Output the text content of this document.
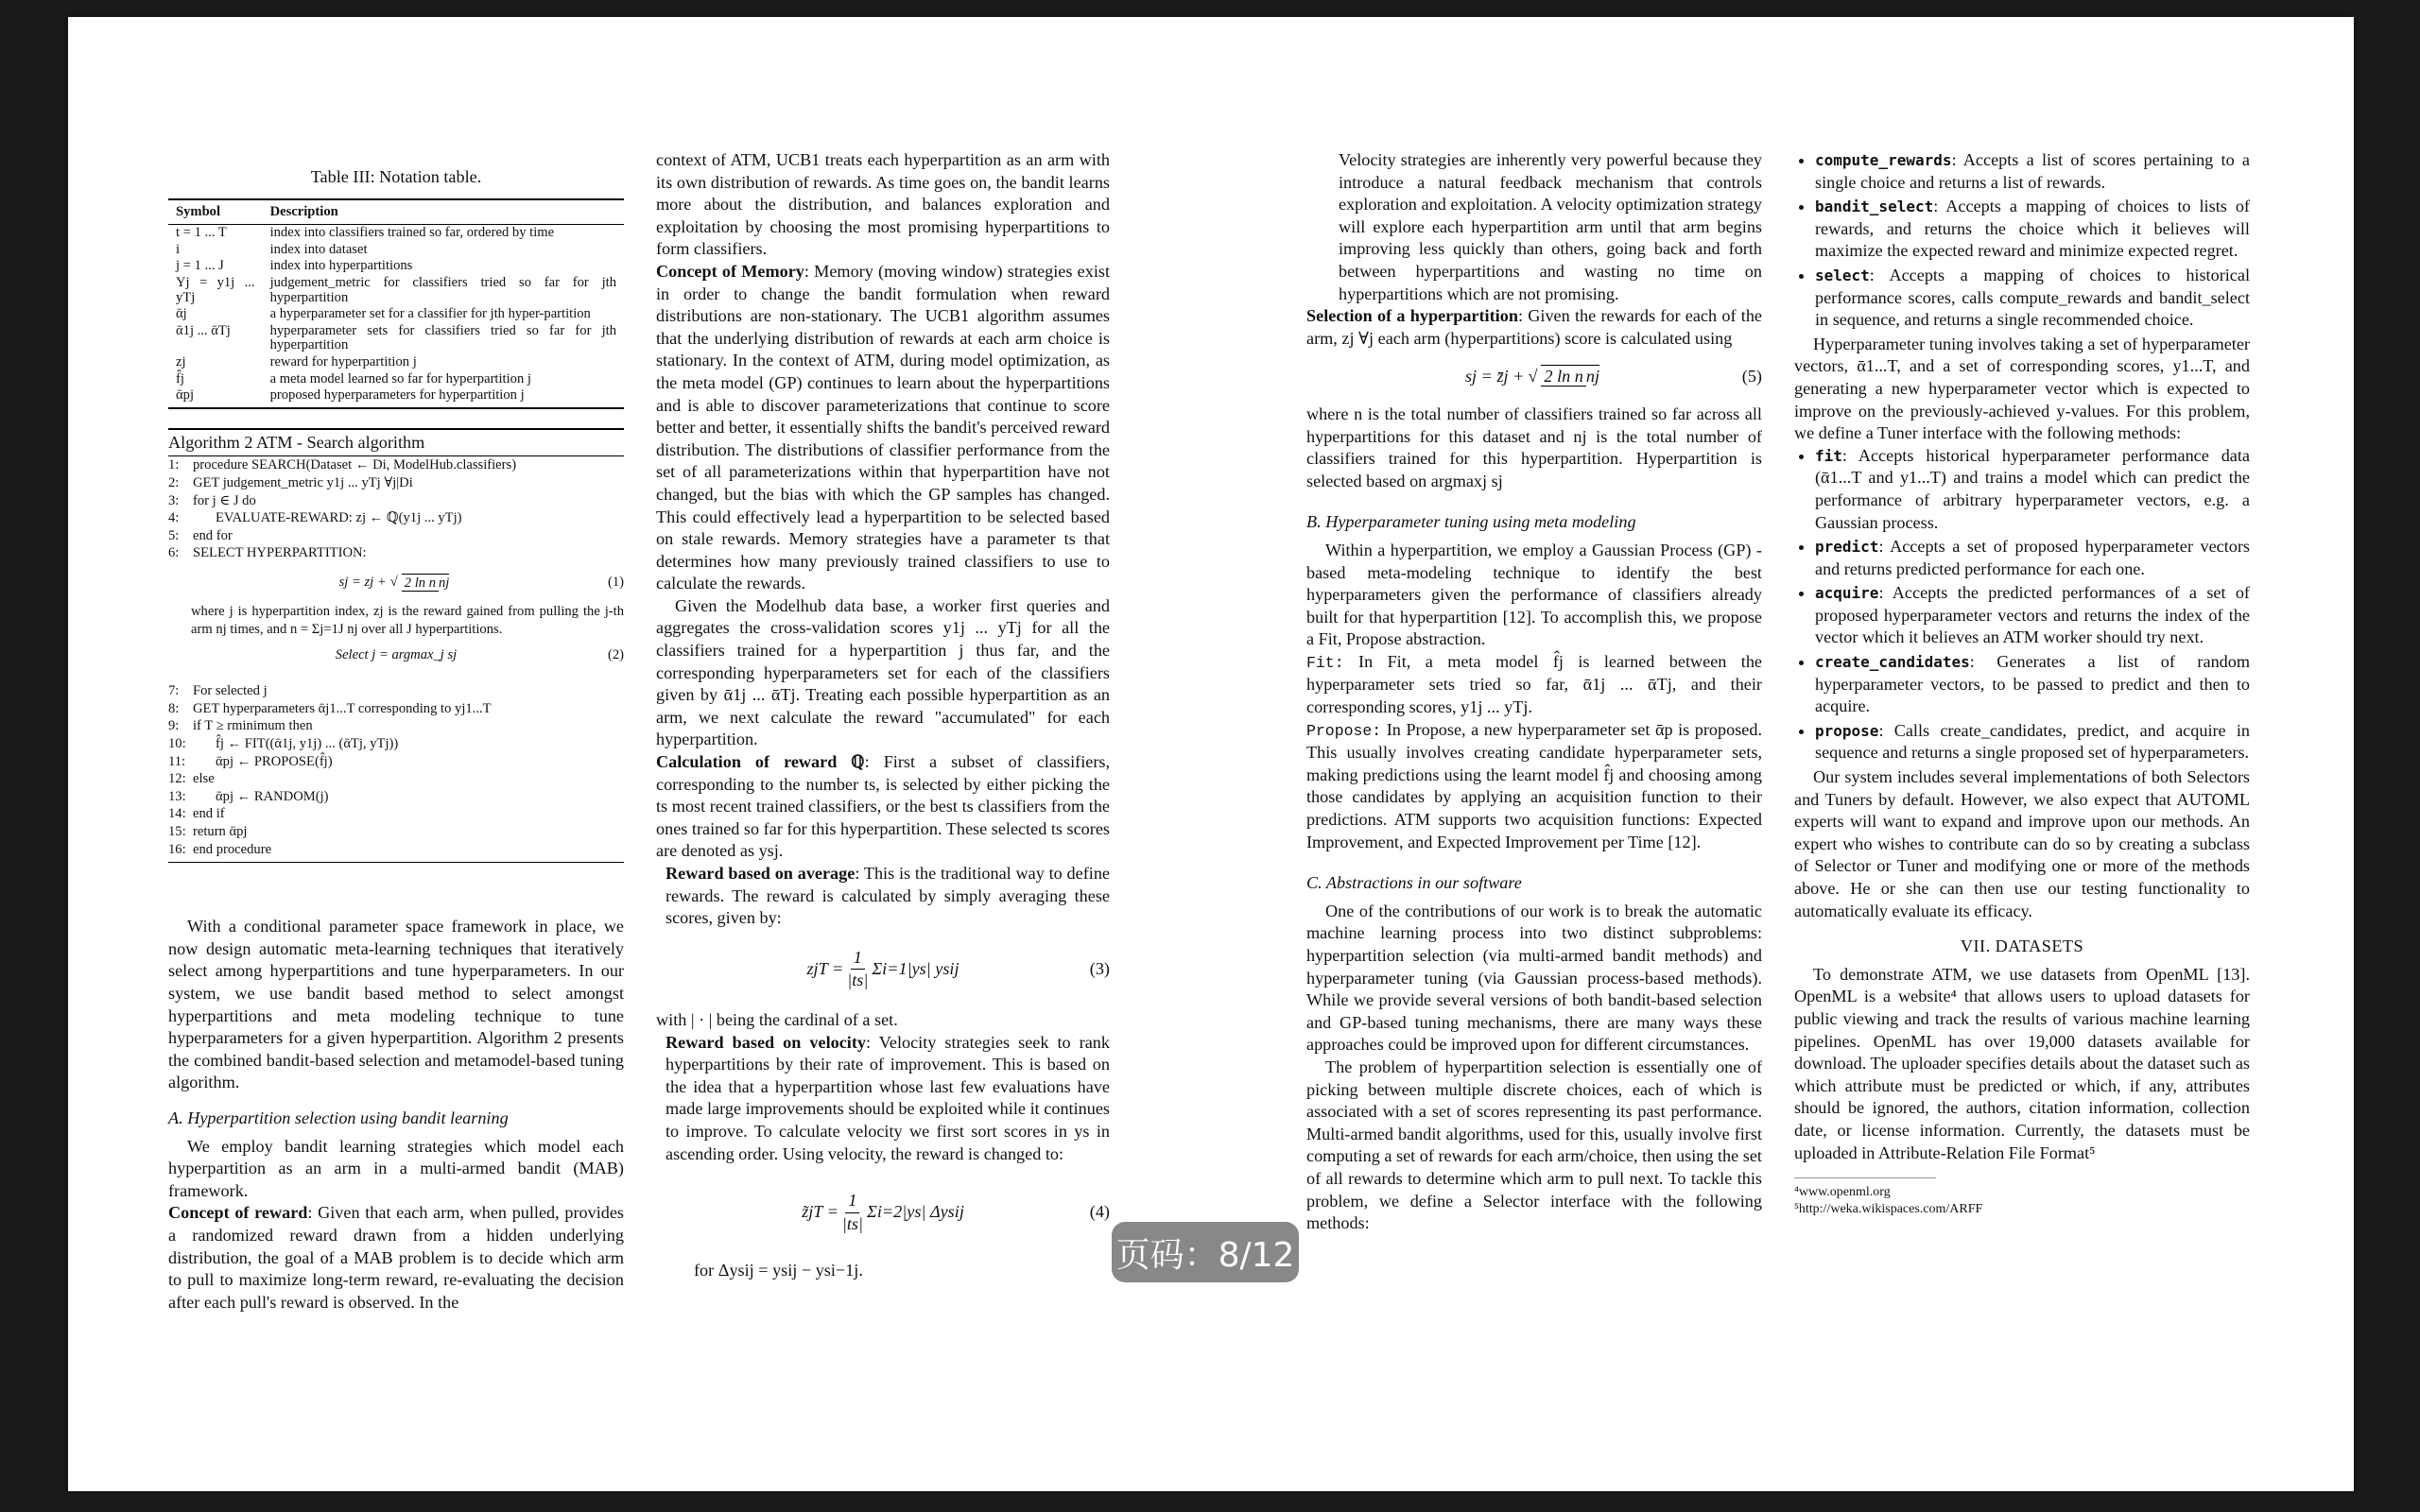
Table III: Notation table.
Symbol	Description
t = 1 ... T	index into classifiers trained so far, ordered by time
i	index into dataset
j = 1 ... J	index into hyperpartitions
Yj = y1j ... yTj	judgement_metric for classifiers tried so far for jth hyperpartition
ᾱj	a hyperparameter set for a classifier for jth hyper-partition
ᾱ1j ... ᾱTj	hyperparameter sets for classifiers tried so far for jth hyperpartition
zj	reward for hyperpartition j
f̂j	a meta model learned so far for hyperpartition j
ᾱpj	proposed hyperparameters for hyperpartition j
Algorithm 2 ATM - Search algorithm
1: procedure SEARCH(Dataset ← Di, ModelHub.classifiers)
2: GET judgement_metric y1j ... yTj ∀j|Di
3: for j ∈ J do
4:	EVALUATE-REWARD: zj ← ℚ(y1j ... yTj)
5: end for
6: SELECT HYPERPARTITION:
sj = zj + √ 2 ln n nj	(1)
where j is hyperpartition index, zj is the reward gained from pulling the j-th arm nj times, and n = Σj=1J nj over all J hyperpartitions.
Select j = argmax_j sj	(2)
7: For selected j
8: GET hyperparameters ᾱj1...T corresponding to yj1...T
9: if T ≥ rminimum then
10: f̂j ← FIT((ᾱ1j, y1j) ... (ᾱTj, yTj))
11: ᾱpj ← PROPOSE(f̂j)
12: else
13: ᾱpj ← RANDOM(j)
14: end if
15: return ᾱpj
16: end procedure

With a conditional parameter space framework in place, we now design automatic meta-learning techniques that iteratively select among hyperpartitions and tune hyperparameters. In our system, we use bandit based method to select amongst hyperpartitions and meta modeling technique to tune hyperparameters for a given hyperpartition. Algorithm 2 presents the combined bandit-based selection and metamodel-based tuning algorithm.

A. Hyperpartition selection using bandit learning

We employ bandit learning strategies which model each hyperpartition as an arm in a multi-armed bandit (MAB) framework.

Concept of reward: Given that each arm, when pulled, provides a randomized reward drawn from a hidden underlying distribution, the goal of a MAB problem is to decide which arm to pull to maximize long-term reward, re-evaluating the decision after each pull's reward is observed. In the

context of ATM, UCB1 treats each hyperpartition as an arm with its own distribution of rewards. As time goes on, the bandit learns more about the distribution, and balances exploration and exploitation by choosing the most promising hyperpartitions to form classifiers.

Concept of Memory: Memory (moving window) strategies exist in order to change the bandit formulation when reward distributions are non-stationary. The UCB1 algorithm assumes that the underlying distribution of rewards at each arm choice is stationary. In the context of ATM, during model optimization, as the meta model (GP) continues to learn about the hyperpartitions and is able to discover parameterizations that continue to score better and better, it essentially shifts the bandit's perceived reward distribution. The distributions of classifier performance from the set of all parameterizations within that hyperpartition have not changed, but the bias with which the GP samples has changed. This could effectively lead a hyperpartition to be selected based on stale rewards. Memory strategies have a parameter ts that determines how many previously trained classifiers to use to calculate the rewards.

Given the Modelhub data base, a worker first queries and aggregates the cross-validation scores y1j ... yTj for all the classifiers trained for a hyperpartition j thus far, and the corresponding hyperparameters set for each of the classifiers given by ᾱ1j ... ᾱTj. Treating each possible hyperpartition as an arm, we next calculate the reward "accumulated" for each hyperpartition.

Calculation of reward ℚ: First a subset of classifiers, corresponding to the number ts, is selected by either picking the ts most recent trained classifiers, or the best ts classifiers from the ones trained so far for this hyperpartition. These selected ts scores are denoted as ysj.

Reward based on average: This is the traditional way to define rewards. The reward is calculated by simply averaging these scores, given by:

zjT = $\frac{1}{|ts|} \Sigma i=1|ys|$ ysij	(3)

with | · | being the cardinal of a set.

Reward based on velocity: Velocity strategies seek to rank hyperpartitions by their rate of improvement. This is based on the idea that a hyperpartition whose last few evaluations have made large improvements should be exploited while it continues to improve. To calculate velocity we first sort scores in ys in ascending order. Using velocity, the reward is changed to:

z̃jT = $\frac{1}{|ts|} \Sigma i=2|ys|$ Δysij	(4)

for Δysij = ysij − ysi−1j.

Velocity strategies are inherently very powerful because they introduce a natural feedback mechanism that controls exploration and exploitation. A velocity optimization strategy will explore each hyperpartition arm until that arm begins improving less quickly than others, going back and forth between hyperpartitions and wasting no time on hyperpartitions which are not promising.

Selection of a hyperpartition: Given the rewards for each of the arm, zj ∀j each arm (hyperpartitions) score is calculated using

sj = z̄j + √ 2 ln n nj	(5)

where n is the total number of classifiers trained so far across all hyperpartitions for this dataset and nj is the total number of classifiers trained for this hyperpartition. Hyperpartition is selected based on argmaxj sj

B. Hyperparameter tuning using meta modeling

Within a hyperpartition, we employ a Gaussian Process (GP) -based meta-modeling technique to identify the best hyperparameters given the performance of classifiers already built for that hyperpartition [12]. To accomplish this, we propose a Fit, Propose abstraction.

Fit: In Fit, a meta model f̂j is learned between the hyperparameter sets tried so far, ᾱ1j ... ᾱTj, and their corresponding scores, y1j ... yTj.

Propose: In Propose, a new hyperparameter set ᾱp is proposed. This usually involves creating candidate hyperparameter sets, making predictions using the learnt model f̂j and choosing among those candidates by applying an acquisition function to their predictions. ATM supports two acquisition functions: Expected Improvement, and Expected Improvement per Time [12].

C. Abstractions in our software

One of the contributions of our work is to break the automatic machine learning process into two distinct subproblems: hyperpartition selection (via multi-armed bandit methods) and hyperparameter tuning (via Gaussian process-based methods). While we provide several versions of both bandit-based selection and GP-based tuning mechanisms, there are many ways these approaches could be improved upon for different circumstances.

The problem of hyperpartition selection is essentially one of picking between multiple discrete choices, each of which is associated with a set of scores representing its past performance. Multi-armed bandit algorithms, used for this, usually involve first computing a set of rewards for each arm/choice, then using the set of all rewards to determine which arm to pull next. To tackle this problem, we define a Selector interface with the following methods:

• compute_rewards: Accepts a list of scores pertaining to a single choice and returns a list of rewards.
• bandit_select: Accepts a mapping of choices to lists of rewards, and returns the choice which it believes will maximize the expected reward and minimize expected regret.
• select: Accepts a mapping of choices to historical performance scores, calls compute_rewards and bandit_select in sequence, and returns a single recommended choice.

Hyperparameter tuning involves taking a set of hyperparameter vectors, ᾱ1...T, and a set of corresponding scores, y1...T, and generating a new hyperparameter vector which is expected to improve on the previously-achieved y-values. For this problem, we define a Tuner interface with the following methods:

• fit: Accepts historical hyperparameter performance data (ᾱ1...T and y1...T) and trains a model which can predict the performance of arbitrary hyperparameter vectors, e.g. a Gaussian process.
• predict: Accepts a set of proposed hyperparameter vectors and returns predicted performance for each one.
• acquire: Accepts the predicted performances of a set of proposed hyperparameter vectors and returns the index of the vector which it believes an ATM worker should try next.
• create_candidates: Generates a list of random hyperparameter vectors, to be passed to predict and then to acquire.
• propose: Calls create_candidates, predict, and acquire in sequence and returns a single proposed set of hyperparameters.

Our system includes several implementations of both Selectors and Tuners by default. However, we also expect that AUTOML experts will want to expand and improve upon our methods. An expert who wishes to contribute can do so by creating a subclass of Selector or Tuner and modifying one or more of the methods above. He or she can then use our testing functionality to automatically evaluate its efficacy.

VII. DATASETS

To demonstrate ATM, we use datasets from OpenML [13]. OpenML is a website⁴ that allows users to upload datasets for public viewing and track the results of various machine learning pipelines. OpenML has over 19,000 datasets available for download. The uploader specifies details about the dataset such as which attribute must be predicted or which, if any, attributes should be ignored, the authors, citation information, collection date, or license information. Currently, the datasets must be uploaded in Attribute-Relation File Format⁵

⁴www.openml.org
⁵http://weka.wikispaces.com/ARFF
页码：8/12
